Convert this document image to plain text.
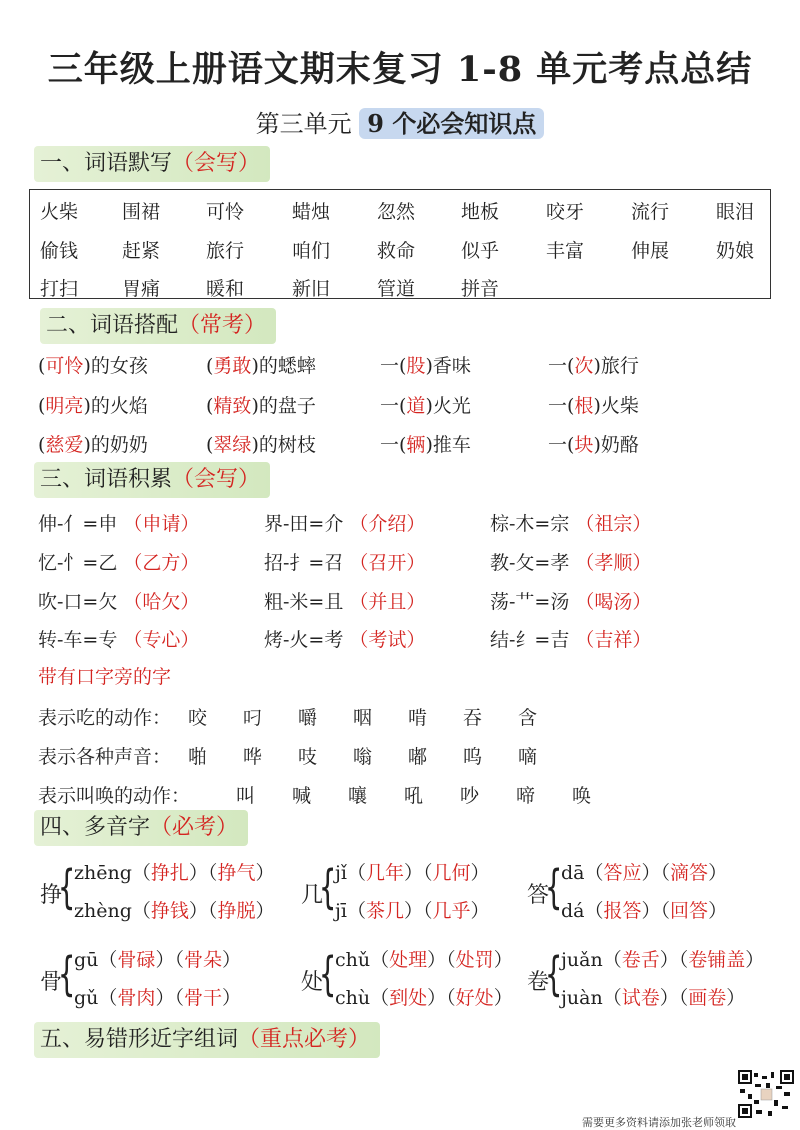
三年级上册语文期末复习 1-8 单元考点总结
第三单元 9 个必会知识点
一、词语默写（会写）
火柴 围裙 可怜	蜡烛 忽然 地板 咬牙 流行 眼泪
偷钱 赶紧 旅行	咱们 救命 似乎 丰富 伸展 奶娘
打扫 胃痛 暖和	新旧 管道 拼音
二、词语搭配（常考）
(可怜)的女孩	(勇敢)的蟋蟀	一(股)香味	一(次)旅行
(明亮)的火焰	(精致)的盘子	一(道)火光	一(根)火柴
(慈爱)的奶奶	(翠绿)的树枝	一(辆)推车	一(块)奶酪
三、词语积累（会写）
伸-亻=申 （申请）	界-田=介 （介绍）	棕-木=宗 （祖宗）
忆-忄=乙 （乙方）	招-扌=召 （召开）	教-攵=孝 （孝顺）
吹-口=欠 （哈欠）	粗-米=且 （并且）	荡-艹=汤 （喝汤）
转-车=专 （专心）	烤-火=考 （考试）	结-纟=吉 （吉祥）
带有口字旁的字
表示吃的动作： 咬 叼 嚼 咽 啃 吞 含
表示各种声音： 啪 哗 吱 嗡 嘟 呜 嘀
表示叫唤的动作： 叫 喊 嚷 吼 吵 啼 唤
四、多音字（必考）
挣
{
zhēng（挣扎）（挣气）
zhèng（挣钱）（挣脱）
几
{
jǐ（几年）（几何）
jī（茶几）（几乎）
答
{
dā（答应）（滴答）
dá（报答）（回答）
骨
{
gū（骨碌）（骨朵）
gǔ（骨肉）（骨干）
处
{
chǔ（处理）（处罚）
chù（到处）（好处）
卷
{
juǎn（卷舌）（卷铺盖）
juàn（试卷）（画卷）
五、易错形近字组词（重点必考）
需要更多资料请添加张老师领取
